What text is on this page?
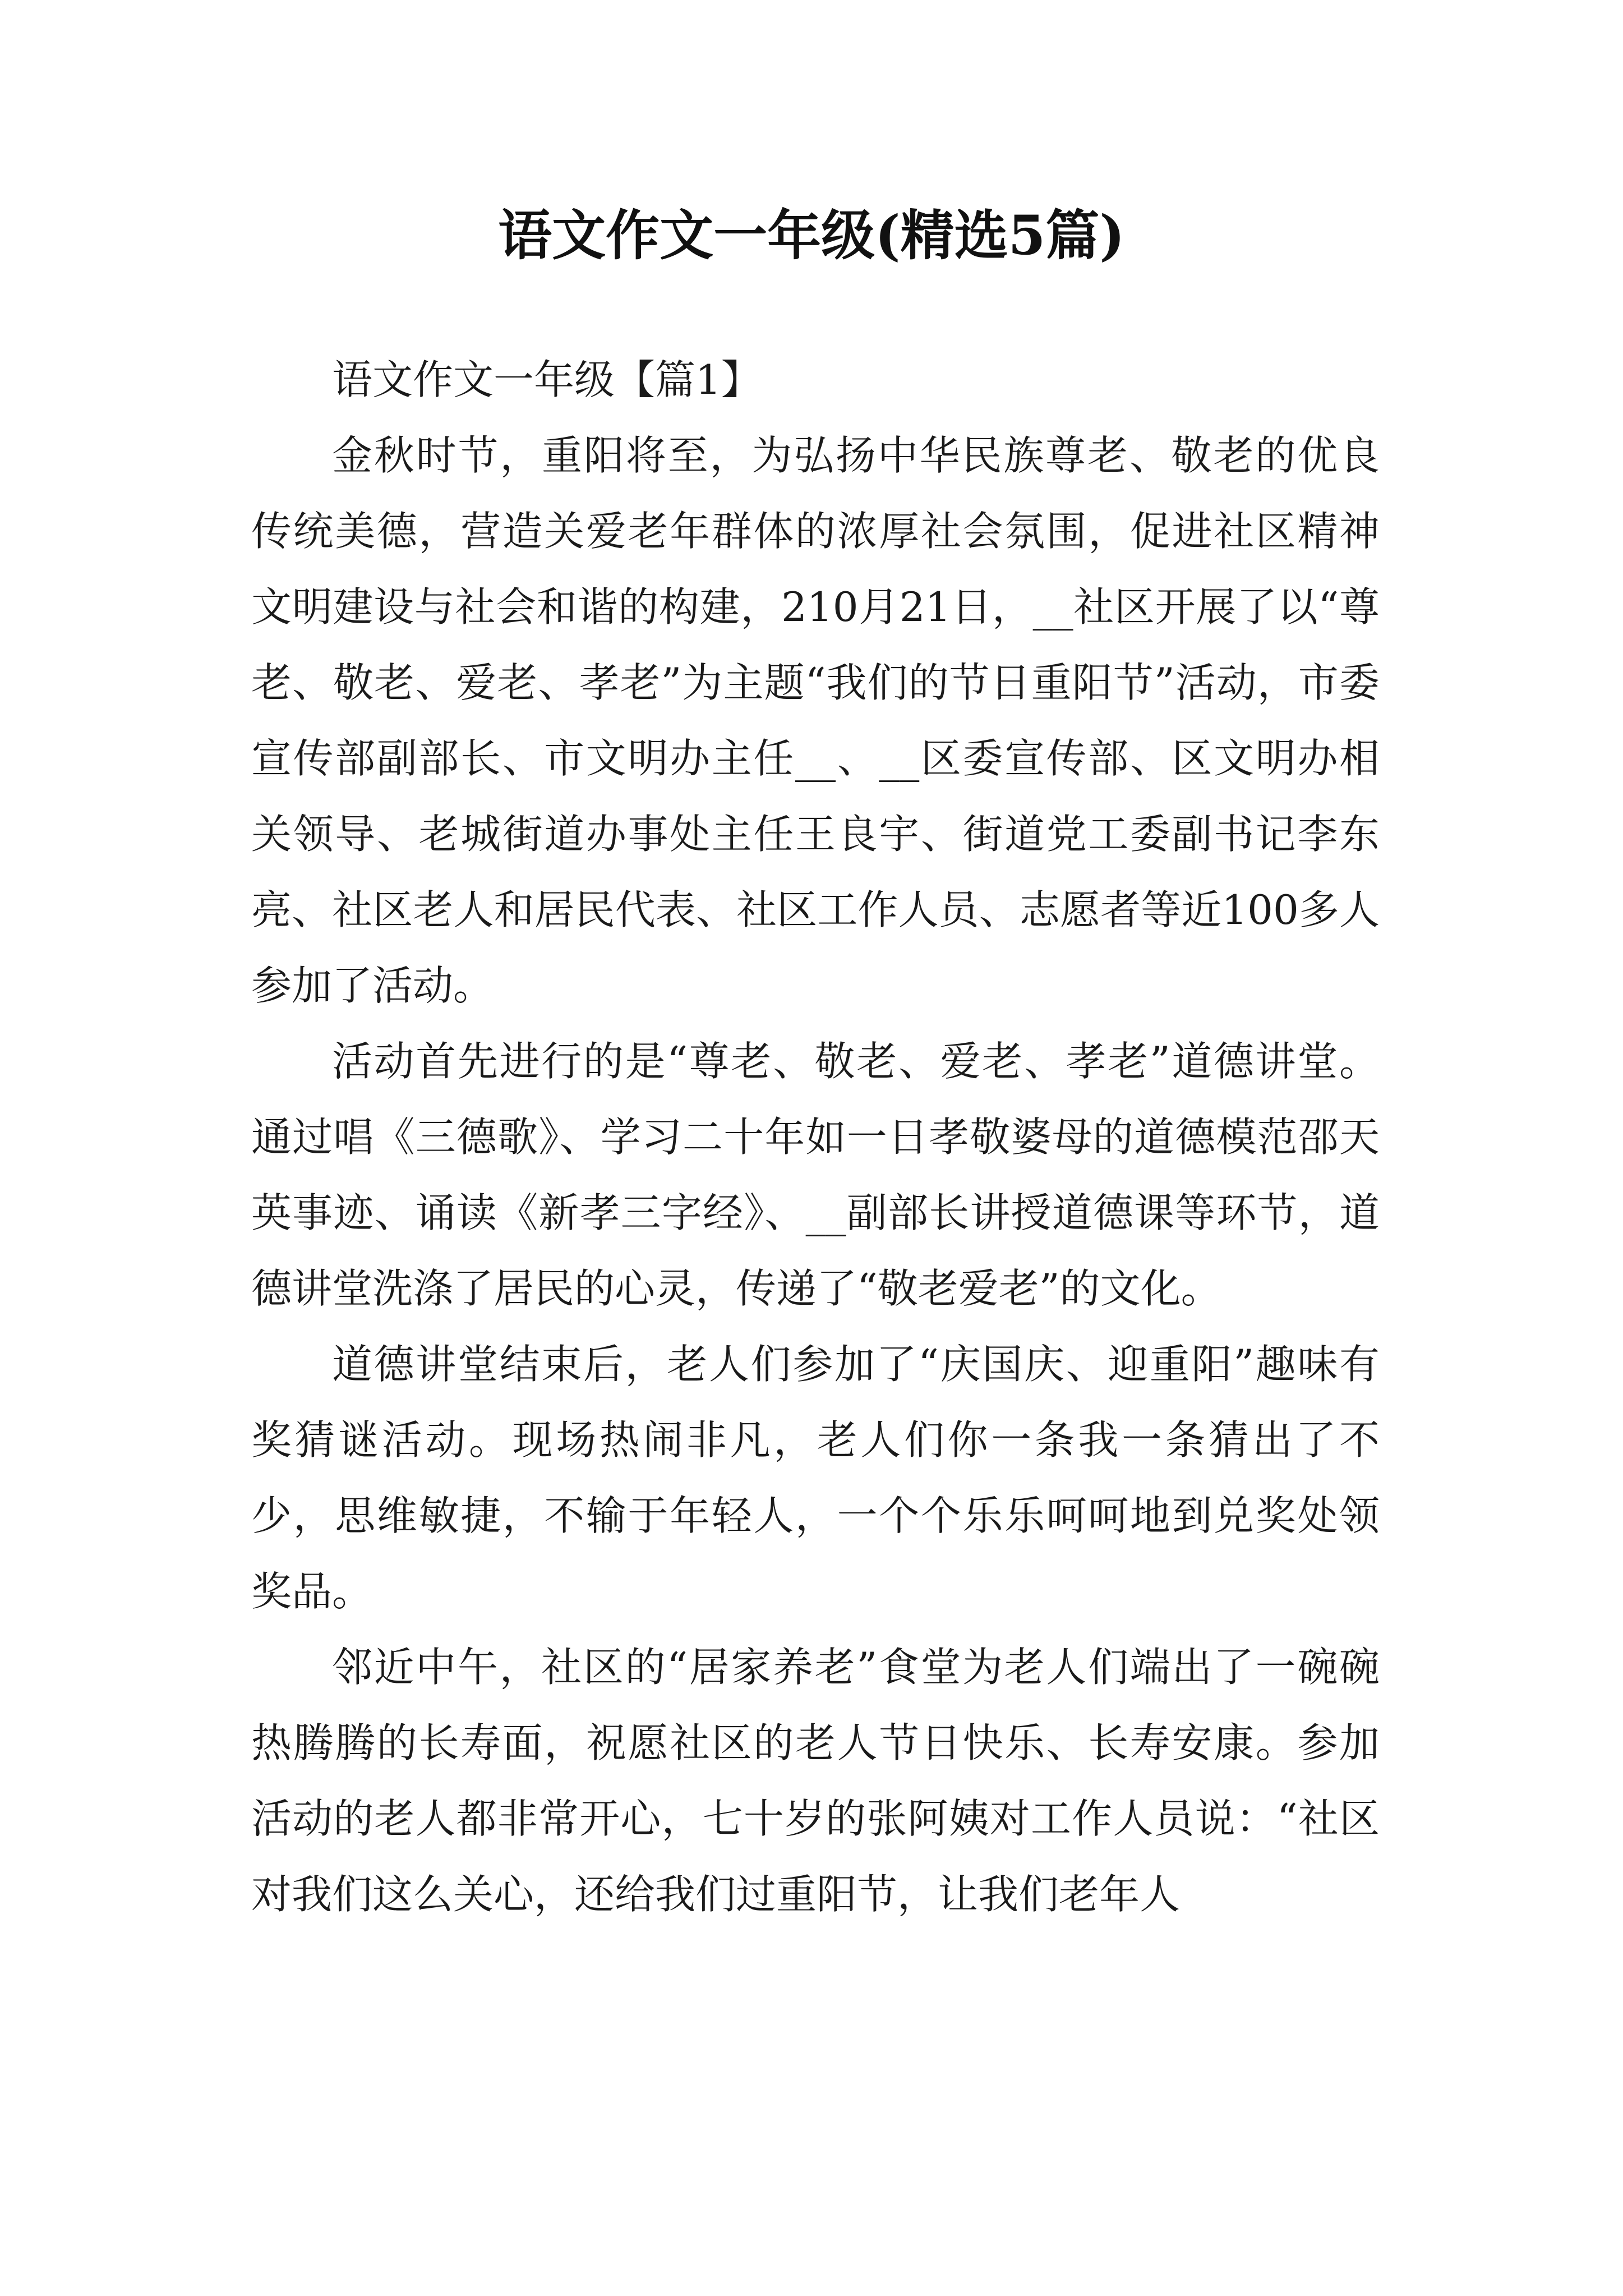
语文作文一年级(精选5篇)

语文作文一年级【篇1】

金秋时节，重阳将至，为弘扬中华民族尊老、敬老的优良传统美德，营造关爱老年群体的浓厚社会氛围，促进社区精神文明建设与社会和谐的构建，210月21日，__社区开展了以“尊老、敬老、爱老、孝老”为主题“我们的节日重阳节”活动，市委宣传部副部长、市文明办主任__、__区委宣传部、区文明办相关领导、老城街道办事处主任王良宇、街道党工委副书记李东亮、社区老人和居民代表、社区工作人员、志愿者等近100多人参加了活动。

活动首先进行的是“尊老、敬老、爱老、孝老”道德讲堂。通过唱《三德歌》、学习二十年如一日孝敬婆母的道德模范邵天英事迹、诵读《新孝三字经》、__副部长讲授道德课等环节，道德讲堂洗涤了居民的心灵，传递了“敬老爱老”的文化。

道德讲堂结束后，老人们参加了“庆国庆、迎重阳”趣味有奖猜谜活动。现场热闹非凡，老人们你一条我一条猜出了不少，思维敏捷，不输于年轻人，一个个乐乐呵呵地到兑奖处领奖品。

邻近中午，社区的“居家养老”食堂为老人们端出了一碗碗热腾腾的长寿面，祝愿社区的老人节日快乐、长寿安康。参加活动的老人都非常开心，七十岁的张阿姨对工作人员说：“社区对我们这么关心，还给我们过重阳节，让我们老年人
